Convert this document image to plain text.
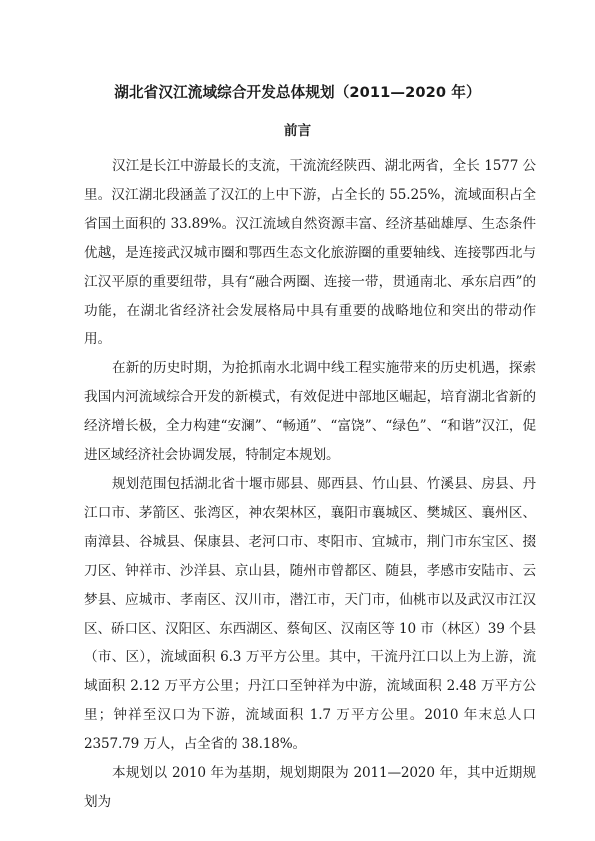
湖北省汉江流域综合开发总体规划（2011—2020 年）
前言

汉江是长江中游最长的支流，干流流经陕西、湖北两省，全长 1577 公里。汉江湖北段涵盖了汉江的上中下游，占全长的 55.25%，流域面积占全省国土面积的 33.89%。汉江流域自然资源丰富、经济基础雄厚、生态条件优越，是连接武汉城市圈和鄂西生态文化旅游圈的重要轴线、连接鄂西北与江汉平原的重要纽带，具有“融合两圈、连接一带，贯通南北、承东启西”的功能，在湖北省经济社会发展格局中具有重要的战略地位和突出的带动作用。

在新的历史时期，为抢抓南水北调中线工程实施带来的历史机遇，探索我国内河流域综合开发的新模式，有效促进中部地区崛起，培育湖北省新的经济增长极，全力构建“安澜”、“畅通”、“富饶”、“绿色”、“和谐”汉江，促进区域经济社会协调发展，特制定本规划。

规划范围包括湖北省十堰市郧县、郧西县、竹山县、竹溪县、房县、丹江口市、茅箭区、张湾区，神农架林区，襄阳市襄城区、樊城区、襄州区、南漳县、谷城县、保康县、老河口市、枣阳市、宜城市，荆门市东宝区、掇刀区、钟祥市、沙洋县、京山县，随州市曾都区、随县，孝感市安陆市、云梦县、应城市、孝南区、汉川市，潜江市，天门市，仙桃市以及武汉市江汉区、硚口区、汉阳区、东西湖区、蔡甸区、汉南区等 10 市（林区）39 个县（市、区），流域面积 6.3 万平方公里。其中，干流丹江口以上为上游，流域面积 2.12 万平方公里；丹江口至钟祥为中游，流域面积 2.48 万平方公里；钟祥至汉口为下游，流域面积 1.7 万平方公里。2010 年末总人口 2357.79 万人，占全省的 38.18%。

本规划以 2010 年为基期，规划期限为 2011—2020 年，其中近期规划为
